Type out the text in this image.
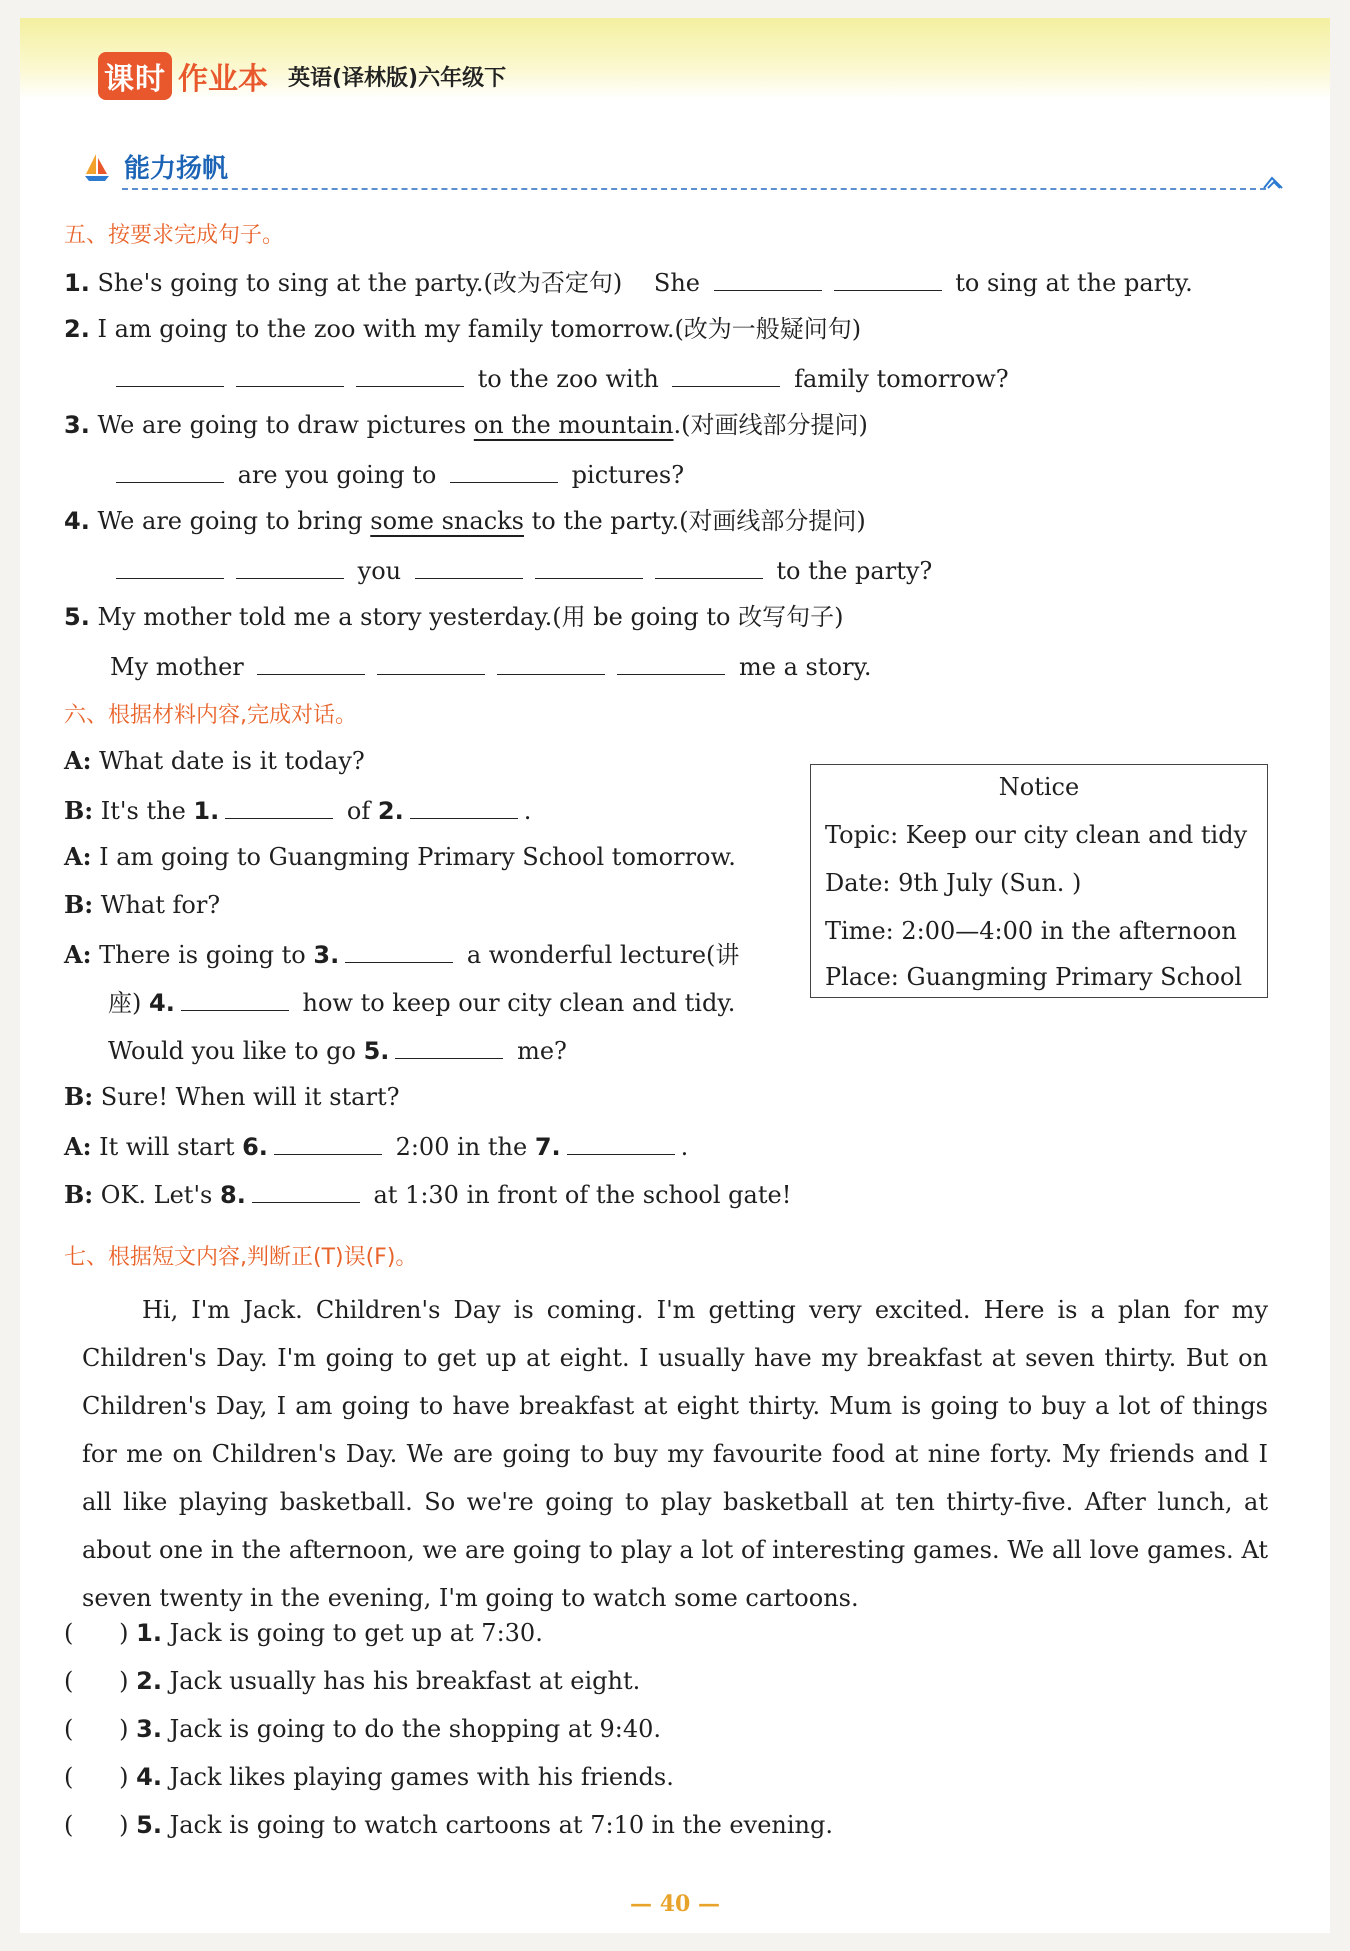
课时 作业本 英语(译林版)六年级下
能力扬帆
五、按要求完成句子。
1. She's going to sing at the party.(改为否定句) She	to sing at the party.
2. I am going to the zoo with my family tomorrow.(改为一般疑问句)
to the zoo with	family tomorrow?
3. We are going to draw pictures on the mountain.(对画线部分提问)
are you going to	pictures?
4. We are going to bring some snacks to the party.(对画线部分提问)
you	to the party?
5. My mother told me a story yesterday.(用 be going to 改写句子)
My mother	me a story.
六、根据材料内容,完成对话。
A: What date is it today?
B: It's the 1.	of 2.	.
A: I am going to Guangming Primary School tomorrow.
B: What for?
A: There is going to 3.	a wonderful lecture(讲
座) 4.	how to keep our city clean and tidy.
Would you like to go 5.	me?
B: Sure! When will it start?
A: It will start 6.	2:00 in the 7.	.
B: OK. Let's 8.	at 1:30 in front of the school gate!
Notice
Topic: Keep our city clean and tidy
Date: 9th July (Sun. )
Time: 2:00—4:00 in the afternoon
Place: Guangming Primary School
七、根据短文内容,判断正(T)误(F)。
Hi, I'm Jack. Children's Day is coming. I'm getting very excited. Here is a plan for my Children's Day. I'm going to get up at eight. I usually have my breakfast at seven thirty. But on Children's Day, I am going to have breakfast at eight thirty. Mum is going to buy a lot of things for me on Children's Day. We are going to buy my favourite food at nine forty. My friends and I all like playing basketball. So we're going to play basketball at ten thirty-five. After lunch, at about one in the afternoon, we are going to play a lot of interesting games. We all love games. At seven twenty in the evening, I'm going to watch some cartoons.
(      ) 1. Jack is going to get up at 7:30.
(      ) 2. Jack usually has his breakfast at eight.
(      ) 3. Jack is going to do the shopping at 9:40.
(      ) 4. Jack likes playing games with his friends.
(      ) 5. Jack is going to watch cartoons at 7:10 in the evening.
— 40 —
